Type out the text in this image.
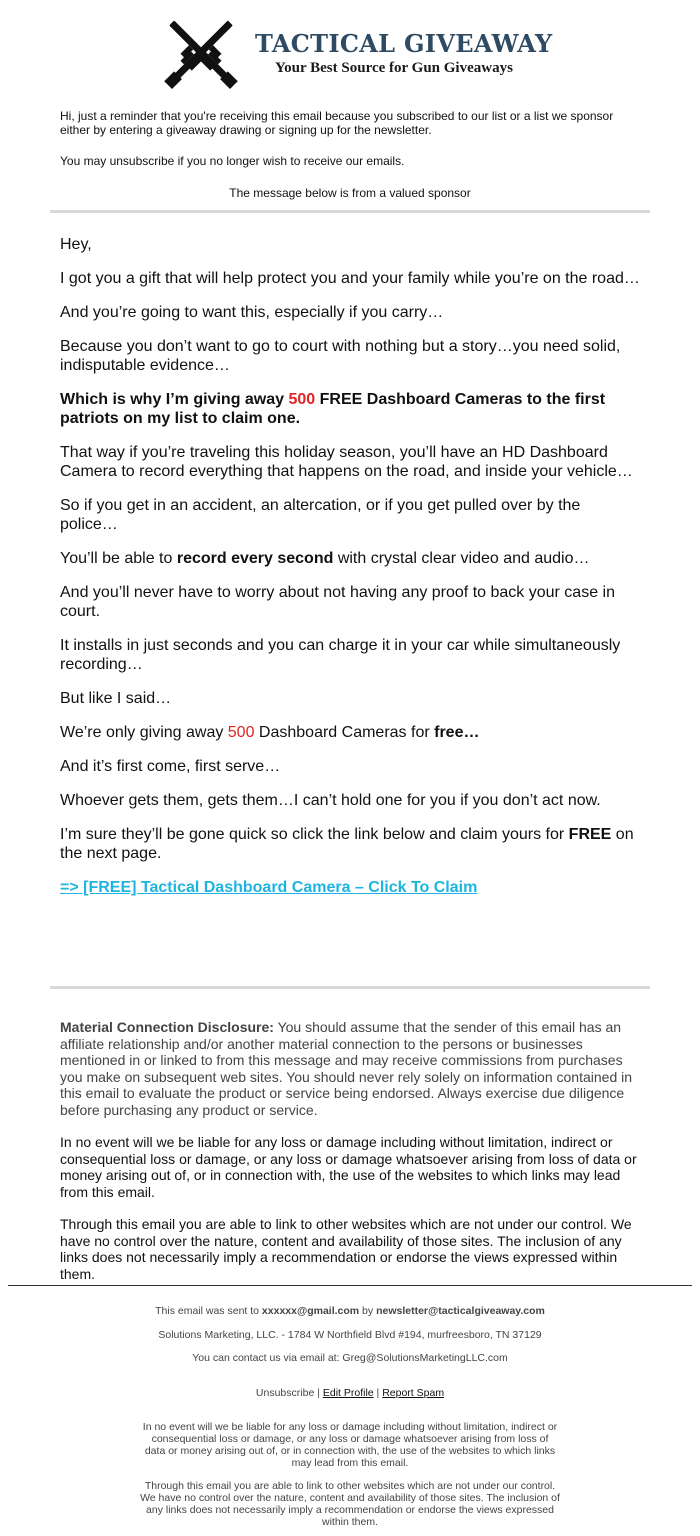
TACTICAL GIVEAWAY
Your Best Source for Gun Giveaways
Hi, just a reminder that you're receiving this email because you subscribed to our list or a list we sponsor either by entering a giveaway drawing or signing up for the newsletter.
You may unsubscribe if you no longer wish to receive our emails.
The message below is from a valued sponsor

Hey,

I got you a gift that will help protect you and your family while you’re on the road…

And you’re going to want this, especially if you carry…

Because you don’t want to go to court with nothing but a story…you need solid, indisputable evidence…

Which is why I’m giving away 500 FREE Dashboard Cameras to the first patriots on my list to claim one.

That way if you’re traveling this holiday season, you’ll have an HD Dashboard Camera to record everything that happens on the road, and inside your vehicle…

So if you get in an accident, an altercation, or if you get pulled over by the police…

You’ll be able to record every second with crystal clear video and audio…

And you’ll never have to worry about not having any proof to back your case in court.

It installs in just seconds and you can charge it in your car while simultaneously recording…

But like I said…

We’re only giving away 500 Dashboard Cameras for free…

And it’s first come, first serve…

Whoever gets them, gets them…I can’t hold one for you if you don’t act now.

I’m sure they’ll be gone quick so click the link below and claim yours for FREE on the next page.

=> [FREE] Tactical Dashboard Camera – Click To Claim

Material Connection Disclosure: You should assume that the sender of this email has an affiliate relationship and/or another material connection to the persons or businesses mentioned in or linked to from this message and may receive commissions from purchases you make on subsequent web sites. You should never rely solely on information contained in this email to evaluate the product or service being endorsed. Always exercise due diligence before purchasing any product or service.

In no event will we be liable for any loss or damage including without limitation, indirect or consequential loss or damage, or any loss or damage whatsoever arising from loss of data or money arising out of, or in connection with, the use of the websites to which links may lead from this email.

Through this email you are able to link to other websites which are not under our control. We have no control over the nature, content and availability of those sites. The inclusion of any links does not necessarily imply a recommendation or endorse the views expressed within them.

This email was sent to xxxxxx@gmail.com by newsletter@tacticalgiveaway.com
Solutions Marketing, LLC. - 1784 W Northfield Blvd #194, murfreesboro, TN 37129
You can contact us via email at: Greg@SolutionsMarketingLLC.com
Unsubscribe | Edit Profile | Report Spam
In no event will we be liable for any loss or damage including without limitation, indirect or consequential loss or damage, or any loss or damage whatsoever arising from loss of data or money arising out of, or in connection with, the use of the websites to which links may lead from this email.
Through this email you are able to link to other websites which are not under our control. We have no control over the nature, content and availability of those sites. The inclusion of any links does not necessarily imply a recommendation or endorse the views expressed within them.
